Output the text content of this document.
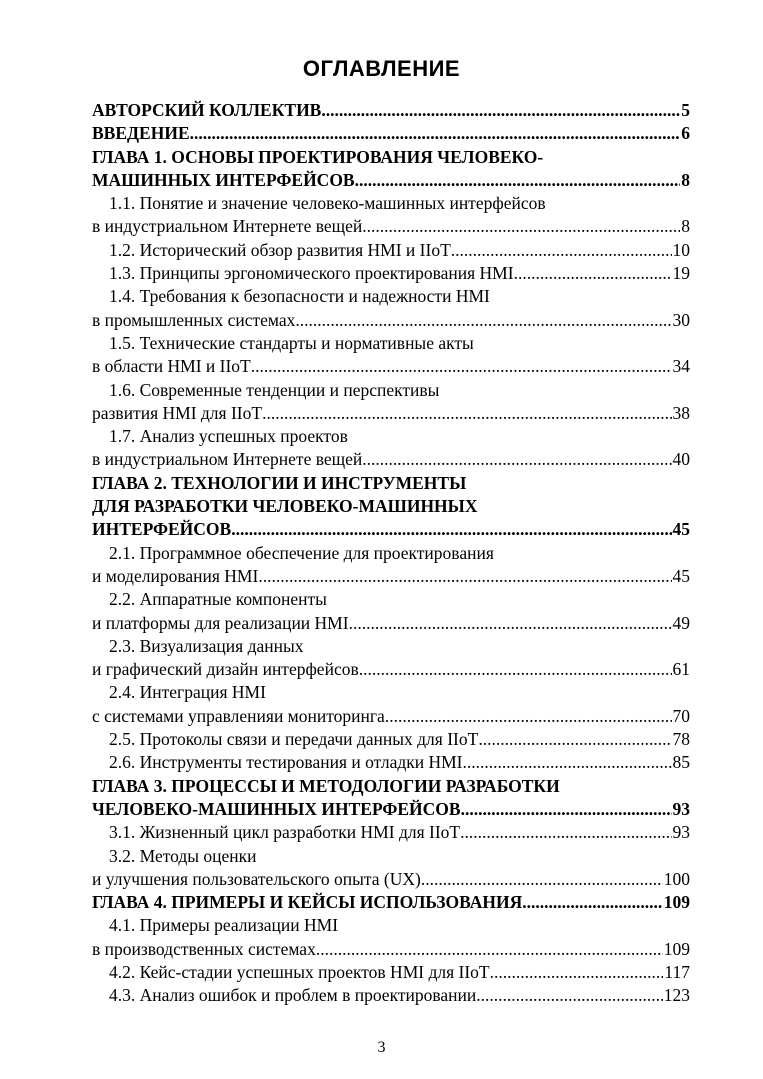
ОГЛАВЛЕНИЕ
АВТОРСКИЙ КОЛЛЕКТИВ .....	5
ВВЕДЕНИЕ .....	6
ГЛАВА 1. ОСНОВЫ ПРОЕКТИРОВАНИЯ ЧЕЛОВЕКО-
МАШИННЫХ ИНТЕРФЕЙСОВ .....	8
1.1. Понятие и значение человеко-машинных интерфейсов
в индустриальном Интернете вещей .....	8
1.2. Исторический обзор развития HMI и IIoT .....	10
1.3. Принципы эргономического проектирования HMI .....	19
1.4. Требования к безопасности и надежности HMI
в промышленных системах .....	30
1.5. Технические стандарты и нормативные акты
в области HMI и IIoT .....	34
1.6. Современные тенденции и перспективы
развития HMI для IIoT .....	38
1.7. Анализ успешных проектов
в индустриальном Интернете вещей .....	40
ГЛАВА 2. ТЕХНОЛОГИИ И ИНСТРУМЕНТЫ
ДЛЯ РАЗРАБОТКИ ЧЕЛОВЕКО-МАШИННЫХ
ИНТЕРФЕЙСОВ .....	45
2.1. Программное обеспечение для проектирования
и моделирования HMI .....	45
2.2. Аппаратные компоненты
и платформы для реализации HMI .....	49
2.3. Визуализация данных
и графический дизайн интерфейсов .....	61
2.4. Интеграция HMI
с системами управленияи мониторинга .....	70
2.5. Протоколы связи и передачи данных для IIoT .....	78
2.6. Инструменты тестирования и отладки HMI .....	85
ГЛАВА 3. ПРОЦЕССЫ И МЕТОДОЛОГИИ РАЗРАБОТКИ
ЧЕЛОВЕКО-МАШИННЫХ ИНТЕРФЕЙСОВ .....	93
3.1. Жизненный цикл разработки HMI для IIoT .....	93
3.2. Методы оценки
и улучшения пользовательского опыта (UX) .....	100
ГЛАВА 4. ПРИМЕРЫ И КЕЙСЫ ИСПОЛЬЗОВАНИЯ .....	109
4.1. Примеры реализации HMI
в производственных системах .....	109
4.2. Кейс-стадии успешных проектов HMI для IIoT .....	117
4.3. Анализ ошибок и проблем в проектировании .....	123
3
